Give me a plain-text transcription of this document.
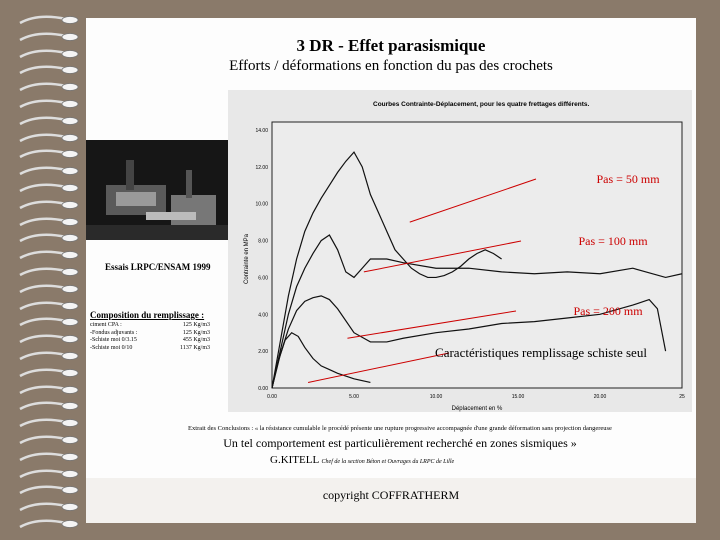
3 DR - Effet parasismique
Efforts / déformations en fonction du pas des crochets
Essais LRPC/ENSAM 1999
Composition du remplissage :
ciment CPA :	125 Kg/m3
-Fondus adjuvants :	125 Kg/m3
-Schiste moi 0/3.15	455 Kg/m3
-Schiste moi 0/10	1137 Kg/m3
Courbes Contrainte-Déplacement, pour les quatre frettages différents.
0.00
2.00
4.00
6.00
8.00
10.00
12.00
14.00
0.00	5.00	10.00	15.00	20.00	25
Déplacement en %
Contrainte en MPa
Pas = 50 mm
Pas = 100 mm
Pas = 200 mm
Caractéristiques remplissage schiste seul
Extrait des Conclusions : « la résistance cumulable le procédé présente une rupture progressive accompagnée d'une grande déformation sans projection dangereuse
Un tel comportement est particulièrement recherché en zones sismiques »
G.KITELL Chef de la section Béton et Ouvrages du LRPC de Lille
copyright COFFRATHERM
